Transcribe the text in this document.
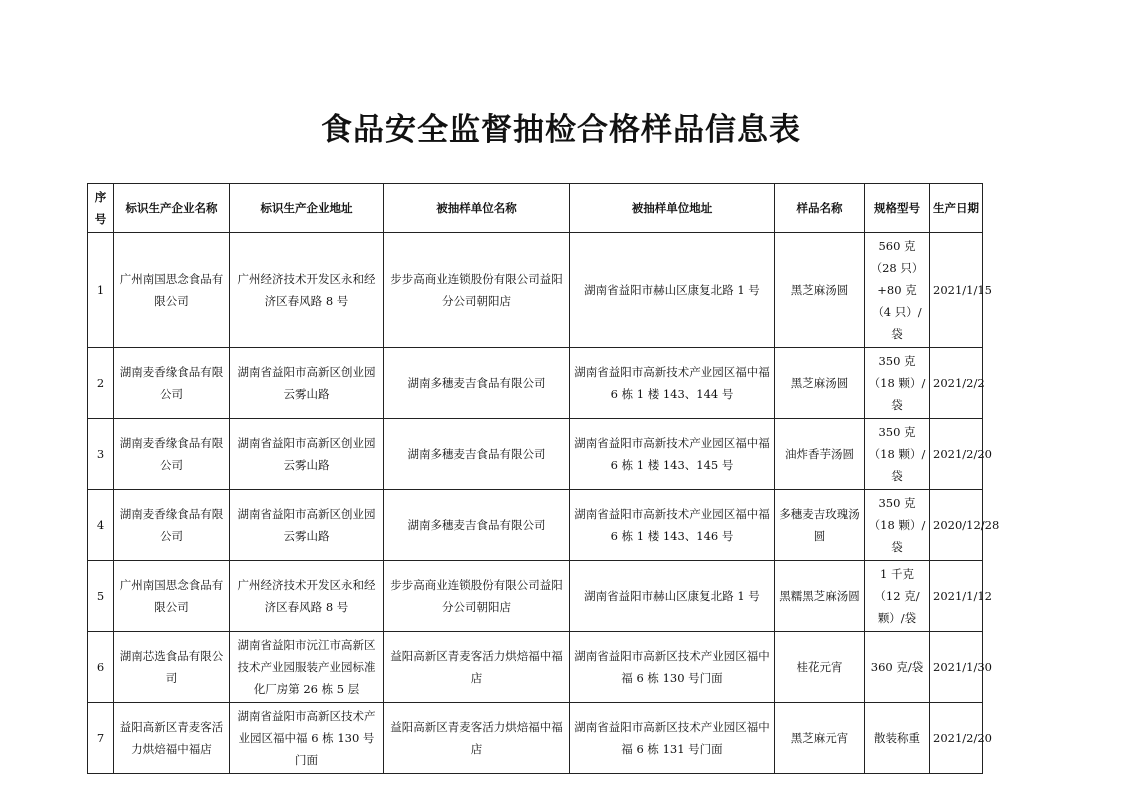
食品安全监督抽检合格样品信息表
序号	标识生产企业名称	标识生产企业地址	被抽样单位名称	被抽样单位地址	样品名称	规格型号	生产日期
1	广州南国思念食品有限公司	广州经济技术开发区永和经济区春风路 8 号	步步高商业连锁股份有限公司益阳分公司朝阳店	湖南省益阳市赫山区康复北路 1 号	黑芝麻汤圆	560 克（28 只）+80 克（4 只）/袋	2021/1/15
2	湖南麦香缘食品有限公司	湖南省益阳市高新区创业园云雾山路	湖南多穗麦吉食品有限公司	湖南省益阳市高新技术产业园区福中福 6 栋 1 楼 143、144 号	黑芝麻汤圆	350 克（18 颗）/袋	2021/2/2
3	湖南麦香缘食品有限公司	湖南省益阳市高新区创业园云雾山路	湖南多穗麦吉食品有限公司	湖南省益阳市高新技术产业园区福中福 6 栋 1 楼 143、145 号	油炸香芋汤圆	350 克（18 颗）/袋	2021/2/20
4	湖南麦香缘食品有限公司	湖南省益阳市高新区创业园云雾山路	湖南多穗麦吉食品有限公司	湖南省益阳市高新技术产业园区福中福 6 栋 1 楼 143、146 号	多穗麦吉玫瑰汤圆	350 克（18 颗）/袋	2020/12/28
5	广州南国思念食品有限公司	广州经济技术开发区永和经济区春风路 8 号	步步高商业连锁股份有限公司益阳分公司朝阳店	湖南省益阳市赫山区康复北路 1 号	黑糯黑芝麻汤圆	1 千克（12 克/颗）/袋	2021/1/12
6	湖南芯选食品有限公司	湖南省益阳市沅江市高新区技术产业园服装产业园标准化厂房第 26 栋 5 层	益阳高新区青麦客活力烘焙福中福店	湖南省益阳市高新区技术产业园区福中福 6 栋 130 号门面	桂花元宵	360 克/袋	2021/1/30
7	益阳高新区青麦客活力烘焙福中福店	湖南省益阳市高新区技术产业园区福中福 6 栋 130 号门面	益阳高新区青麦客活力烘焙福中福店	湖南省益阳市高新区技术产业园区福中福 6 栋 131 号门面	黑芝麻元宵	散装称重	2021/2/20
